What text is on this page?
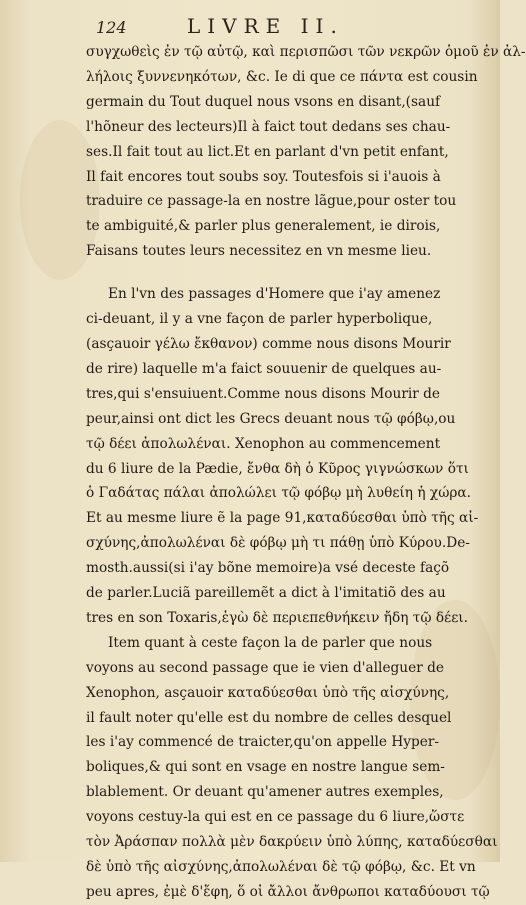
124	LIVRE II.
συγχωθεὶς ἐν τῷ αὐτῷ, καὶ περισπῶσι τῶν νεκρῶν ὁμοῦ ἐν ἀλ-
λήλοις ξυννενηκότων, &c. Ie di que ce πάντα est cousin
germain du Tout duquel nous vsons en disant,(sauf
l'hõneur des lecteurs)Il à faict tout dedans ses chau-
ses.Il fait tout au lict.Et en parlant d'vn petit enfant,
Il fait encores tout soubs soy. Toutesfois si i'auois à
traduire ce passage-la en nostre lãgue,pour oster tou
te ambiguité,& parler plus generalement, ie dirois,
Faisans toutes leurs necessitez en vn mesme lieu.
En l'vn des passages d'Homere que i'ay amenez
ci-deuant, il y a vne façon de parler hyperbolique,
(asçauoir γέλω ἔκθανον) comme nous disons Mourir
de rire) laquelle m'a faict souuenir de quelques au-
tres,qui s'ensuiuent.Comme nous disons Mourir de
peur,ainsi ont dict les Grecs deuant nous τῷ φόβῳ,ou
τῷ δέει ἀπολωλέναι. Xenophon au commencement
du 6 liure de la Pædie, ἔνθα δὴ ὁ Κῦρος γιγνώσκων ὅτι
ὁ Γαδάτας πάλαι ἀπολώλει τῷ φόβῳ μὴ λυθείη ἡ χώρα.
Et au mesme liure ẽ la page 91,καταδύεσθαι ὑπὸ τῆς αἰ-
σχύνης,ἀπολωλέναι δὲ φόβῳ μὴ τι πάθῃ ὑπὸ Κύρου.De-
mosth.aussi(si i'ay bõne memoire)a vsé deceste façõ
de parler.Luciã pareillemẽt a dict à l'imitatiõ des au
tres en son Toxaris,ἐγὼ δὲ περιεπεθνήκειν ἤδη τῷ δέει.
Item quant à ceste façon la de parler que nous
voyons au second passage que ie vien d'alleguer de
Xenophon, asçauoir καταδύεσθαι ὑπὸ τῆς αἰσχύνης,
il fault noter qu'elle est du nombre de celles desquel
les i'ay commencé de traicter,qu'on appelle Hyper-
boliques,& qui sont en vsage en nostre langue sem-
blablement. Or deuant qu'amener autres exemples,
voyons cestuy-la qui est en ce passage du 6 liure,ὥστε
τὸν Ἀράσπαν πολλὰ μὲν δακρύειν ὑπὸ λύπης, καταδύεσθαι
δὲ ὑπὸ τῆς αἰσχύνης,ἀπολωλέναι δὲ τῷ φόβῳ, &c. Et vn
peu apres, ἐμὲ δ'ἔφη, ὅ οἱ ἄλλοι ἄνθρωποι καταδύουσι τῷ
